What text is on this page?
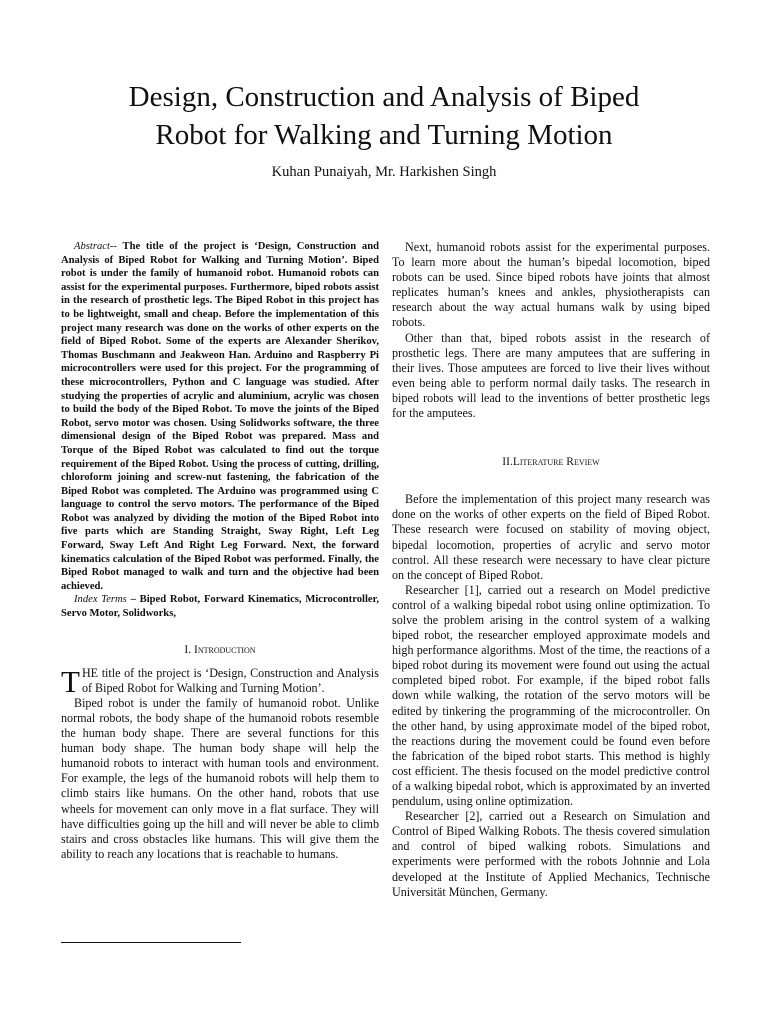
Design, Construction and Analysis of Biped
Robot for Walking and Turning Motion
Kuhan Punaiyah, Mr. Harkishen Singh

Abstract-- The title of the project is ‘Design, Construction and Analysis of Biped Robot for Walking and Turning Motion’. Biped robot is under the family of humanoid robot. Humanoid robots can assist for the experimental purposes. Furthermore, biped robots assist in the research of prosthetic legs. The Biped Robot in this project has to be lightweight, small and cheap. Before the implementation of this project many research was done on the works of other experts on the field of Biped Robot. Some of the experts are Alexander Sherikov, Thomas Buschmann and Jeakweon Han. Arduino and Raspberry Pi microcontrollers were used for this project. For the programming of these microcontrollers, Python and C language was studied. After studying the properties of acrylic and aluminium, acrylic was chosen to build the body of the Biped Robot. To move the joints of the Biped Robot, servo motor was chosen. Using Solidworks software, the three dimensional design of the Biped Robot was prepared. Mass and Torque of the Biped Robot was calculated to find out the torque requirement of the Biped Robot. Using the process of cutting, drilling, chloroform joining and screw-nut fastening, the fabrication of the Biped Robot was completed. The Arduino was programmed using C language to control the servo motors. The performance of the Biped Robot was analyzed by dividing the motion of the Biped Robot into five parts which are Standing Straight, Sway Right, Left Leg Forward, Sway Left And Right Leg Forward. Next, the forward kinematics calculation of the Biped Robot was performed. Finally, the Biped Robot managed to walk and turn and the objective had been achieved.

Index Terms – Biped Robot, Forward Kinematics, Microcontroller, Servo Motor, Solidworks,

I. Introduction

THE title of the project is ‘Design, Construction and Analysis of Biped Robot for Walking and Turning Motion’.

Biped robot is under the family of humanoid robot. Unlike normal robots, the body shape of the humanoid robots resemble the human body shape. There are several functions for this human body shape. The human body shape will help the humanoid robots to interact with human tools and environment. For example, the legs of the humanoid robots will help them to climb stairs like humans. On the other hand, robots that use wheels for movement can only move in a flat surface. They will have difficulties going up the hill and will never be able to climb stairs and cross obstacles like humans. This will give them the ability to reach any locations that is reachable to humans.

Next, humanoid robots assist for the experimental purposes. To learn more about the human’s bipedal locomotion, biped robots can be used. Since biped robots have joints that almost replicates human’s knees and ankles, physiotherapists can research about the way actual humans walk by using biped robots.

Other than that, biped robots assist in the research of prosthetic legs. There are many amputees that are suffering in their lives. Those amputees are forced to live their lives without even being able to perform normal daily tasks. The research in biped robots will lead to the inventions of better prosthetic legs for the amputees.

II.Literature Review

Before the implementation of this project many research was done on the works of other experts on the field of Biped Robot. These research were focused on stability of moving object, bipedal locomotion, properties of acrylic and servo motor control. All these research were necessary to have clear picture on the concept of Biped Robot.

Researcher [1], carried out a research on Model predictive control of a walking bipedal robot using online optimization. To solve the problem arising in the control system of a walking biped robot, the researcher employed approximate models and high performance algorithms. Most of the time, the reactions of a biped robot during its movement were found out using the actual completed biped robot. For example, if the biped robot falls down while walking, the rotation of the servo motors will be edited by tinkering the programming of the microcontroller. On the other hand, by using approximate model of the biped robot, the reactions during the movement could be found even before the fabrication of the biped robot starts. This method is highly cost efficient. The thesis focused on the model predictive control of a walking bipedal robot, which is approximated by an inverted pendulum, using online optimization.

Researcher [2], carried out a Research on Simulation and Control of Biped Walking Robots. The thesis covered simulation and control of biped walking robots. Simulations and experiments were performed with the robots Johnnie and Lola developed at the Institute of Applied Mechanics, Technische Universität München, Germany.
